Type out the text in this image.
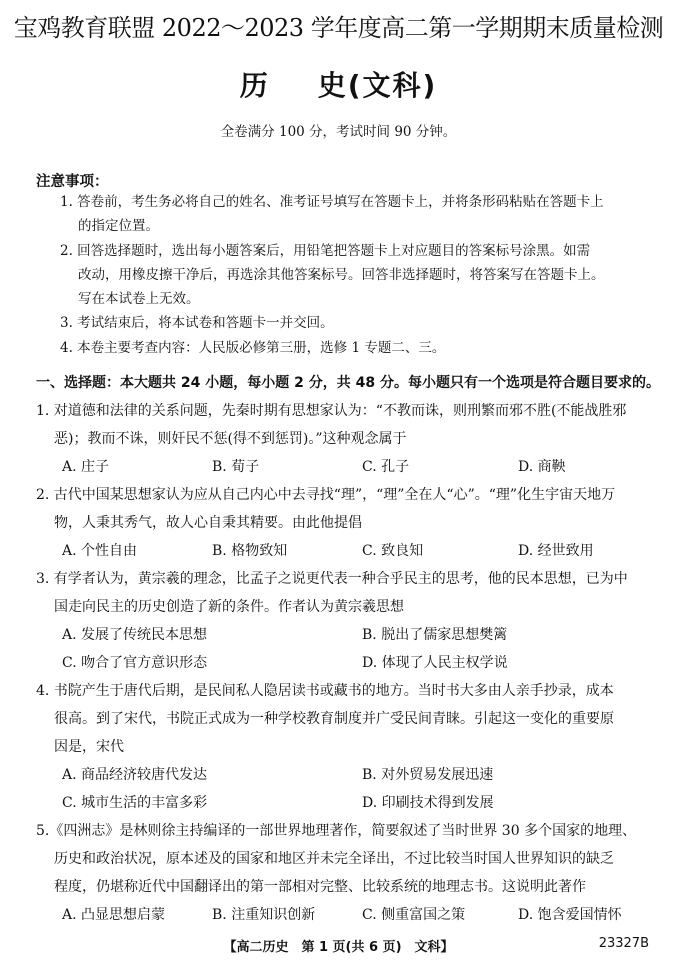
宝鸡教育联盟 2022～2023 学年度高二第一学期期末质量检测
历 史(文科)
全卷满分 100 分，考试时间 90 分钟。
注意事项：

1. 答卷前，考生务必将自己的姓名、准考证号填写在答题卡上，并将条形码粘贴在答题卡上

的指定位置。

2. 回答选择题时，选出每小题答案后，用铅笔把答题卡上对应题目的答案标号涂黑。如需

改动，用橡皮擦干净后，再选涂其他答案标号。回答非选择题时，将答案写在答题卡上。

写在本试卷上无效。

3. 考试结束后，将本试卷和答题卡一并交回。

4. 本卷主要考查内容：人民版必修第三册，选修 1 专题二、三。

一、选择题：本大题共 24 小题，每小题 2 分，共 48 分。每小题只有一个选项是符合题目要求的。

1. 对道德和法律的关系问题，先秦时期有思想家认为：“不教而诛，则刑繁而邪不胜(不能战胜邪

恶)；教而不诛，则奸民不惩(得不到惩罚)。”这种观念属于

A. 庄子	B. 荀子	C. 孔子	D. 商鞅

2. 古代中国某思想家认为应从自己内心中去寻找“理”，“理”全在人“心”。“理”化生宇宙天地万

物，人秉其秀气，故人心自秉其精要。由此他提倡

A. 个性自由	B. 格物致知	C. 致良知	D. 经世致用

3. 有学者认为，黄宗羲的理念，比孟子之说更代表一种合乎民主的思考，他的民本思想，已为中

国走向民主的历史创造了新的条件。作者认为黄宗羲思想

A. 发展了传统民本思想	B. 脱出了儒家思想樊篱
C. 吻合了官方意识形态	D. 体现了人民主权学说

4. 书院产生于唐代后期，是民间私人隐居读书或藏书的地方。当时书大多由人亲手抄录，成本

很高。到了宋代，书院正式成为一种学校教育制度并广受民间青睐。引起这一变化的重要原

因是，宋代

A. 商品经济较唐代发达	B. 对外贸易发展迅速
C. 城市生活的丰富多彩	D. 印刷技术得到发展

5.《四洲志》是林则徐主持编译的一部世界地理著作，简要叙述了当时世界 30 多个国家的地理、

历史和政治状况，原本述及的国家和地区并未完全译出，不过比较当时国人世界知识的缺乏

程度，仍堪称近代中国翻译出的第一部相对完整、比较系统的地理志书。这说明此著作

A. 凸显思想启蒙	B. 注重知识创新	C. 侧重富国之策	D. 饱含爱国情怀
【高二历史　第 1 页(共 6 页)　文科】	23327B
